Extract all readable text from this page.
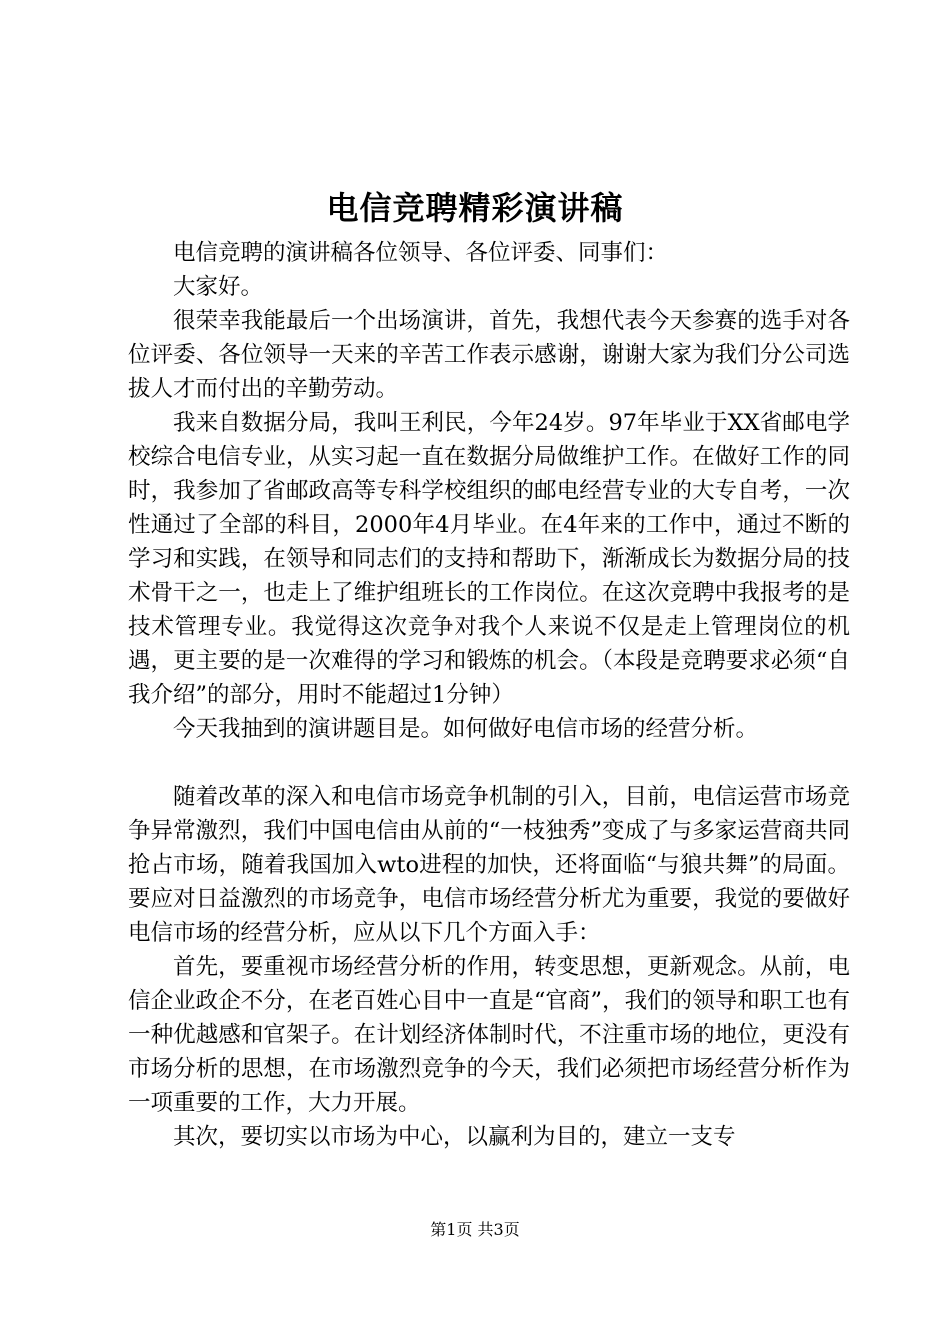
电信竞聘精彩演讲稿

电信竞聘的演讲稿各位领导、各位评委、同事们：

大家好。

很荣幸我能最后一个出场演讲，首先，我想代表今天参赛的选手对各位评委、各位领导一天来的辛苦工作表示感谢，谢谢大家为我们分公司选拔人才而付出的辛勤劳动。

我来自数据分局，我叫王利民，今年24岁。97年毕业于XX省邮电学校综合电信专业，从实习起一直在数据分局做维护工作。在做好工作的同时，我参加了省邮政高等专科学校组织的邮电经营专业的大专自考，一次性通过了全部的科目，2000年4月毕业。在4年来的工作中，通过不断的学习和实践，在领导和同志们的支持和帮助下，渐渐成长为数据分局的技术骨干之一，也走上了维护组班长的工作岗位。在这次竞聘中我报考的是技术管理专业。我觉得这次竞争对我个人来说不仅是走上管理岗位的机遇，更主要的是一次难得的学习和锻炼的机会。（本段是竞聘要求必须“自我介绍”的部分，用时不能超过1分钟）

今天我抽到的演讲题目是。如何做好电信市场的经营分析。

随着改革的深入和电信市场竞争机制的引入，目前，电信运营市场竞争异常激烈，我们中国电信由从前的“一枝独秀”变成了与多家运营商共同抢占市场，随着我国加入wto进程的加快，还将面临“与狼共舞”的局面。要应对日益激烈的市场竞争，电信市场经营分析尤为重要，我觉的要做好电信市场的经营分析，应从以下几个方面入手：

首先，要重视市场经营分析的作用，转变思想，更新观念。从前，电信企业政企不分，在老百姓心目中一直是“官商”，我们的领导和职工也有一种优越感和官架子。在计划经济体制时代，不注重市场的地位，更没有市场分析的思想，在市场激烈竞争的今天，我们必须把市场经营分析作为一项重要的工作，大力开展。

其次，要切实以市场为中心，以赢利为目的，建立一支专

第1页 共3页
